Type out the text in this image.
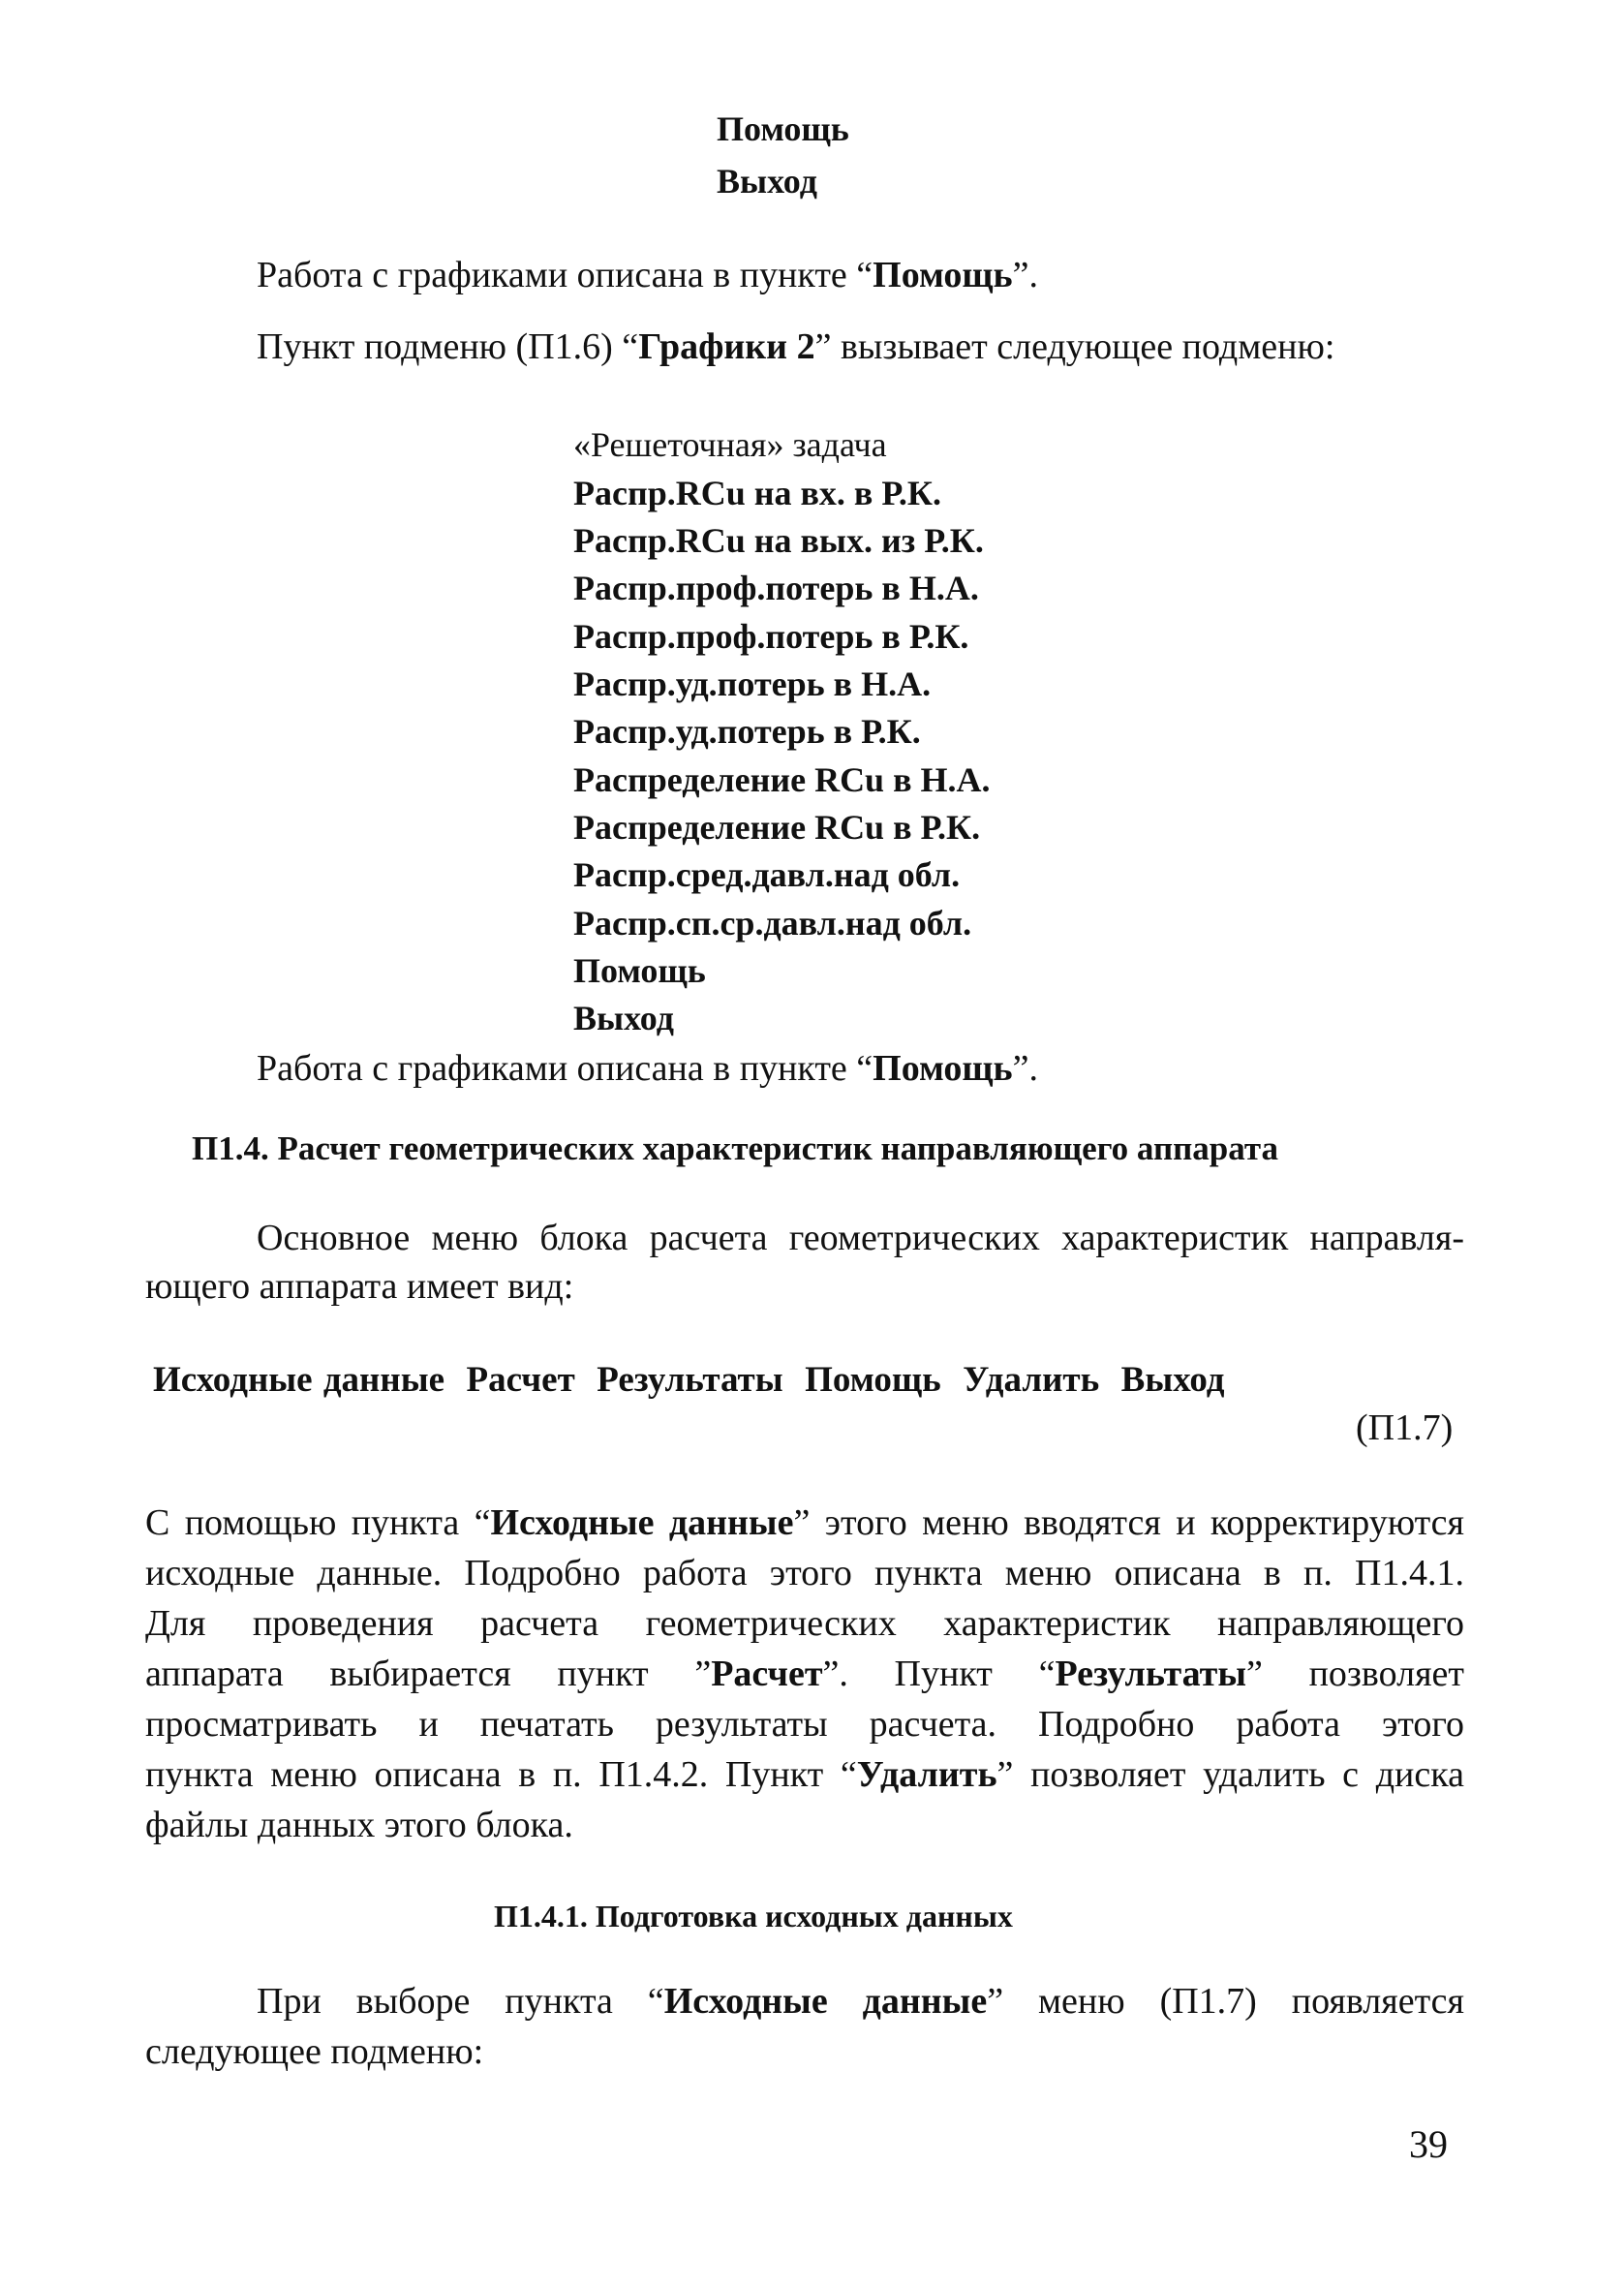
Помощь
Выход
Работа с графиками описана в пункте “Помощь”.
Пункт подменю (П1.6) “Графики 2” вызывает следующее подменю:
«Решеточная» задача
Распр.RCu на вх. в Р.К.
Распр.RCu на вых. из Р.К.
Распр.проф.потерь в Н.А.
Распр.проф.потерь в Р.К.
Распр.уд.потерь в Н.А.
Распр.уд.потерь в Р.К.
Распределение RCu в Н.А.
Распределение RCu в Р.К.
Распр.сред.давл.над обл.
Распр.сп.ср.давл.над обл.
Помощь
Выход
Работа с графиками описана в пункте “Помощь”.
П1.4. Расчет геометрических характеристик направляющего аппарата
Основное меню блока расчета геометрических характеристик направля-
ющего аппарата имеет вид:
Исходные данные Расчет Результаты Помощь Удалить Выход
(П1.7)
С помощью пункта “Исходные данные” этого меню вводятся и корректируются
исходные данные. Подробно работа этого пункта меню описана в п. П1.4.1.
Для проведения расчета геометрических характеристик направляющего
аппарата выбирается пункт ”Расчет”. Пункт “Результаты” позволяет
просматривать и печатать результаты расчета. Подробно работа этого
пункта меню описана в п. П1.4.2. Пункт “Удалить” позволяет удалить с диска
файлы данных этого блока.
П1.4.1. Подготовка исходных данных
При выборе пункта “Исходные данные” меню (П1.7) появляется
следующее подменю:
39
